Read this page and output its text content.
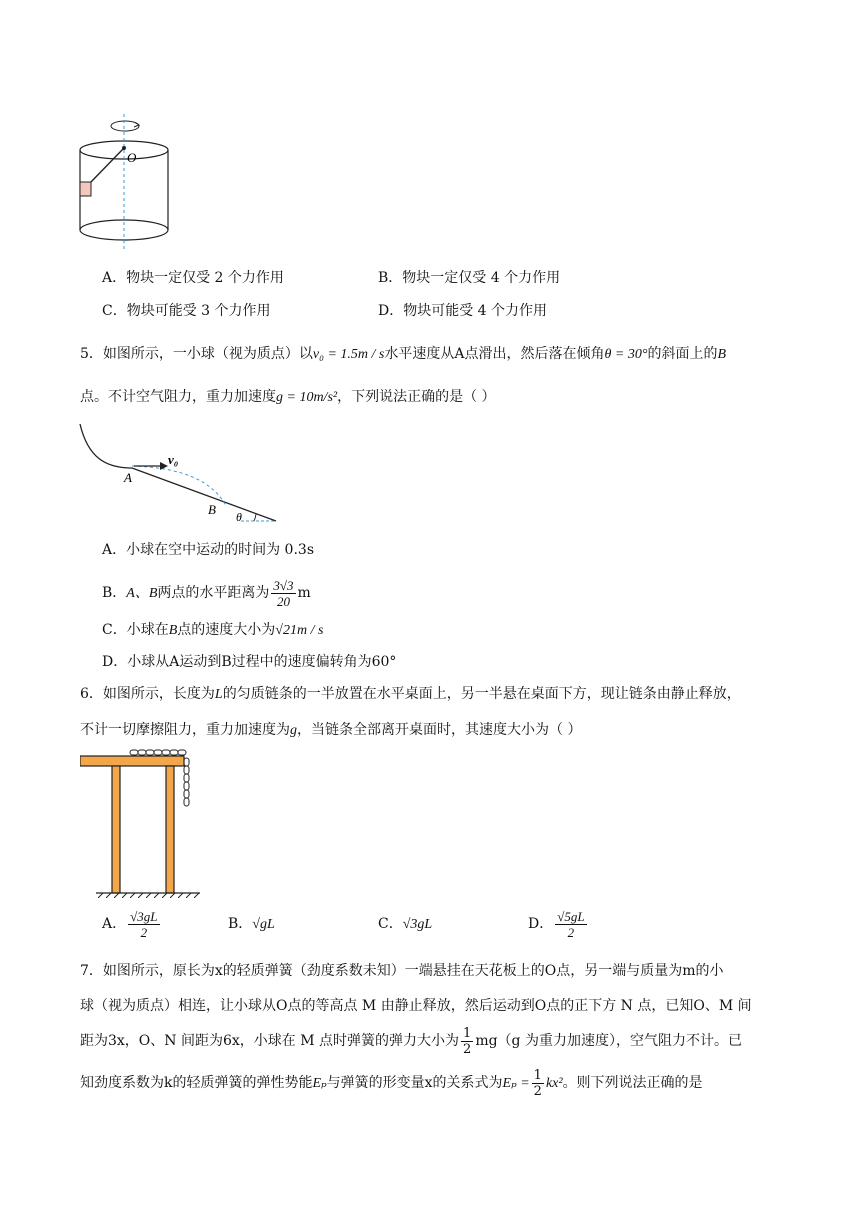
O
A．物块一定仅受 2 个力作用	B．物块一定仅受 4 个力作用
C．物块可能受 3 个力作用	D．物块可能受 4 个力作用
5．如图所示，一小球（视为质点）以v₀ = 1.5m / s水平速度从A点滑出，然后落在倾角θ = 30°的斜面上的B
点。不计空气阻力，重力加速度g = 10m/s²，下列说法正确的是（ ）
v₀
A
B θ
A．小球在空中运动的时间为 0.3s
B．A、B两点的水平距离为 $\frac{3√3}{20}$ m
C．小球在B点的速度大小为√21m / s
D．小球从A运动到B过程中的速度偏转角为60°
6．如图所示，长度为L的匀质链条的一半放置在水平桌面上，另一半悬在桌面下方，现让链条由静止释放，
不计一切摩擦阻力，重力加速度为g，当链条全部离开桌面时，其速度大小为（ ）
A． $\frac{√3gL}{2}$	B．√gL	C．√3gL	D． $\frac{√5gL}{2}$
7．如图所示，原长为x的轻质弹簧（劲度系数未知）一端悬挂在天花板上的O点，另一端与质量为m的小
球（视为质点）相连，让小球从O点的等高点 M 由静止释放，然后运动到O点的正下方 N 点，已知O、M 间
距为3x，O、N 间距为6x，小球在 M 点时弹簧的弹力大小为 $\frac{1}{2} mg(g$ 为重力加速度），空气阻力不计。已
知劲度系数为k的轻质弹簧的弹性势能Eₚ与弹簧的形变量x的关系式为$E_p = \frac{1}{2} kx^2$。则下列说法正确的是
